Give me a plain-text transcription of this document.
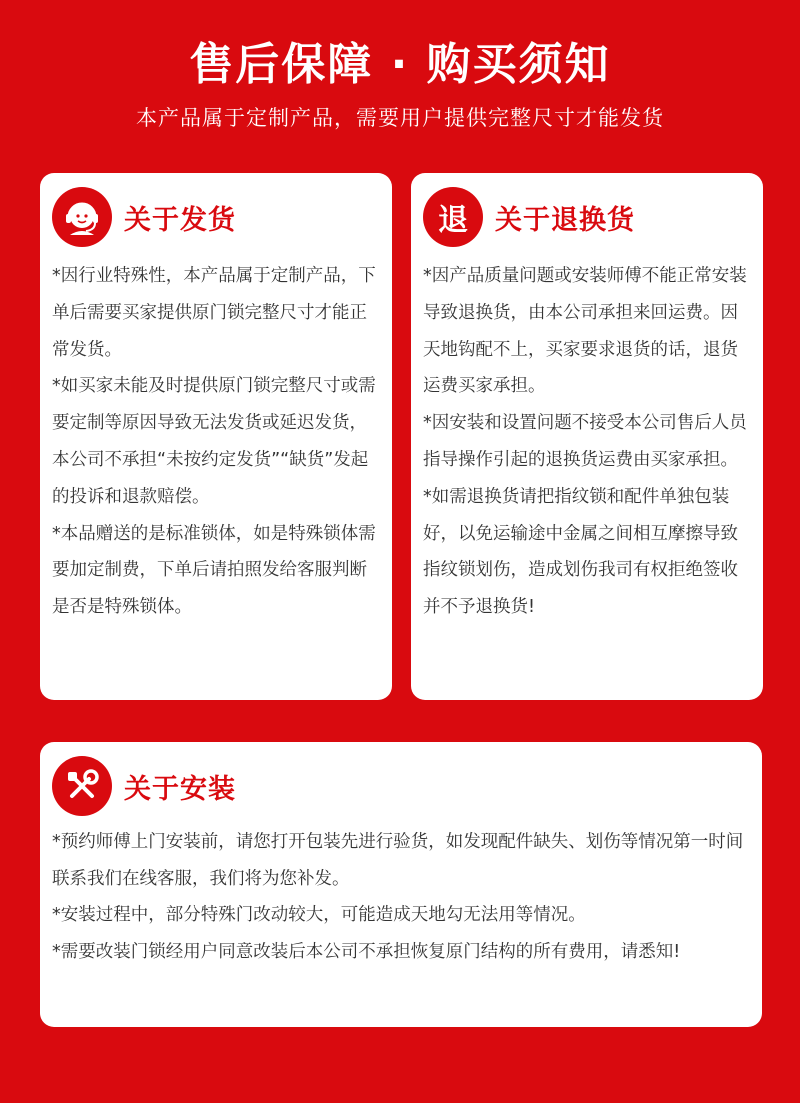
售后保障 · 购买须知
本产品属于定制产品，需要用户提供完整尺寸才能发货
关于发货

*因行业特殊性，本产品属于定制产品，下单后需要买家提供原门锁完整尺寸才能正常发货。

*如买家未能及时提供原门锁完整尺寸或需要定制等原因导致无法发货或延迟发货，本公司不承担“未按约定发货”“缺货”发起的投诉和退款赔偿。

*本品赠送的是标准锁体，如是特殊锁体需要加定制费，下单后请拍照发给客服判断是否是特殊锁体。

退 关于退换货

*因产品质量问题或安装师傅不能正常安装导致退换货，由本公司承担来回运费。因天地钩配不上，买家要求退货的话，退货运费买家承担。

*因安装和设置问题不接受本公司售后人员指导操作引起的退换货运费由买家承担。

*如需退换货请把指纹锁和配件单独包装好，以免运输途中金属之间相互摩擦导致指纹锁划伤，造成划伤我司有权拒绝签收并不予退换货!

关于安装

*预约师傅上门安装前，请您打开包装先进行验货，如发现配件缺失、划伤等情况第一时间联系我们在线客服，我们将为您补发。

*安装过程中，部分特殊门改动较大，可能造成天地勾无法用等情况。

*需要改装门锁经用户同意改装后本公司不承担恢复原门结构的所有费用，请悉知!
